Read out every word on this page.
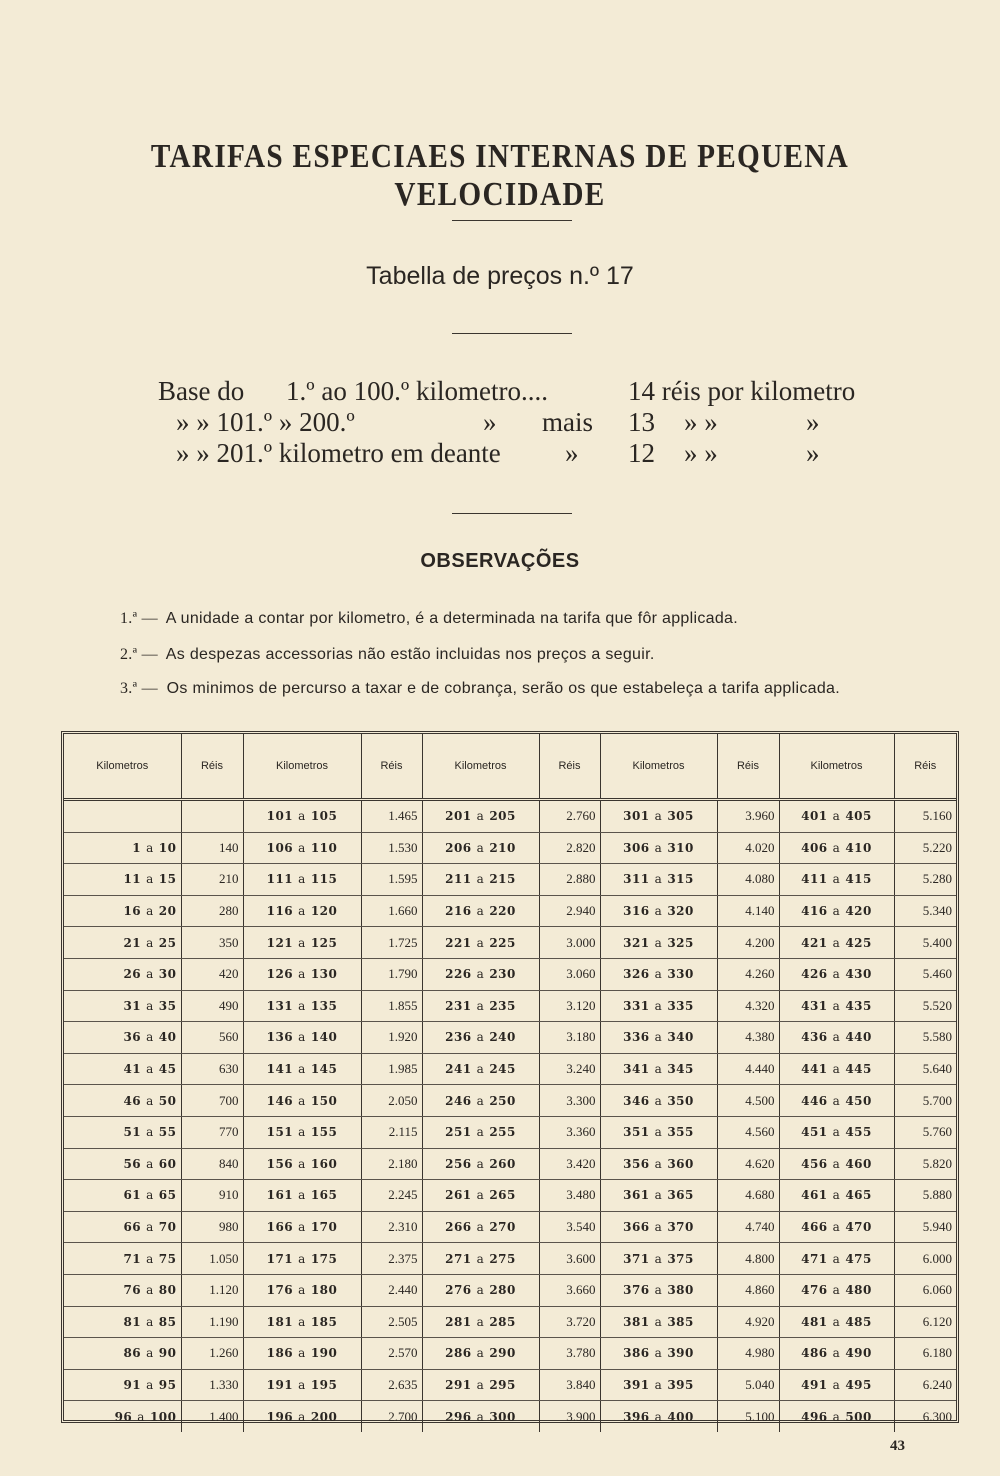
TARIFAS ESPECIAES INTERNAS DE PEQUENA VELOCIDADE
Tabella de preços n.º 17
Base do 1.º ao 100.º kilometro....	14 réis por kilometro
» » 101.º » 200.º	» mais 13 » »	»
» » 201.º kilometro em deante » 12 » »	»
OBSERVAÇÕES
1.ª — A unidade a contar por kilometro, é a determinada na tarifa que fôr applicada.
2.ª — As despezas accessorias não estão incluidas nos preços a seguir.
3.ª — Os minimos de percurso a taxar e de cobrança, serão os que estabeleça a tarifa applicada.
Kilometros	Réis	Kilometros	Réis	Kilometros	Réis	Kilometros	Réis	Kilometros	Réis
		101 a 105	1.465	201 a 205	2.760	301 a 305	3.960	401 a 405	5.160
1 a 10	140	106 a 110	1.530	206 a 210	2.820	306 a 310	4.020	406 a 410	5.220
11 a 15	210	111 a 115	1.595	211 a 215	2.880	311 a 315	4.080	411 a 415	5.280
16 a 20	280	116 a 120	1.660	216 a 220	2.940	316 a 320	4.140	416 a 420	5.340
21 a 25	350	121 a 125	1.725	221 a 225	3.000	321 a 325	4.200	421 a 425	5.400
26 a 30	420	126 a 130	1.790	226 a 230	3.060	326 a 330	4.260	426 a 430	5.460
31 a 35	490	131 a 135	1.855	231 a 235	3.120	331 a 335	4.320	431 a 435	5.520
36 a 40	560	136 a 140	1.920	236 a 240	3.180	336 a 340	4.380	436 a 440	5.580
41 a 45	630	141 a 145	1.985	241 a 245	3.240	341 a 345	4.440	441 a 445	5.640
46 a 50	700	146 a 150	2.050	246 a 250	3.300	346 a 350	4.500	446 a 450	5.700
51 a 55	770	151 a 155	2.115	251 a 255	3.360	351 a 355	4.560	451 a 455	5.760
56 a 60	840	156 a 160	2.180	256 a 260	3.420	356 a 360	4.620	456 a 460	5.820
61 a 65	910	161 a 165	2.245	261 a 265	3.480	361 a 365	4.680	461 a 465	5.880
66 a 70	980	166 a 170	2.310	266 a 270	3.540	366 a 370	4.740	466 a 470	5.940
71 a 75	1.050	171 a 175	2.375	271 a 275	3.600	371 a 375	4.800	471 a 475	6.000
76 a 80	1.120	176 a 180	2.440	276 a 280	3.660	376 a 380	4.860	476 a 480	6.060
81 a 85	1.190	181 a 185	2.505	281 a 285	3.720	381 a 385	4.920	481 a 485	6.120
86 a 90	1.260	186 a 190	2.570	286 a 290	3.780	386 a 390	4.980	486 a 490	6.180
91 a 95	1.330	191 a 195	2.635	291 a 295	3.840	391 a 395	5.040	491 a 495	6.240
96 a 100	1.400	196 a 200	2.700	296 a 300	3.900	396 a 400	5.100	496 a 500	6.300
43
